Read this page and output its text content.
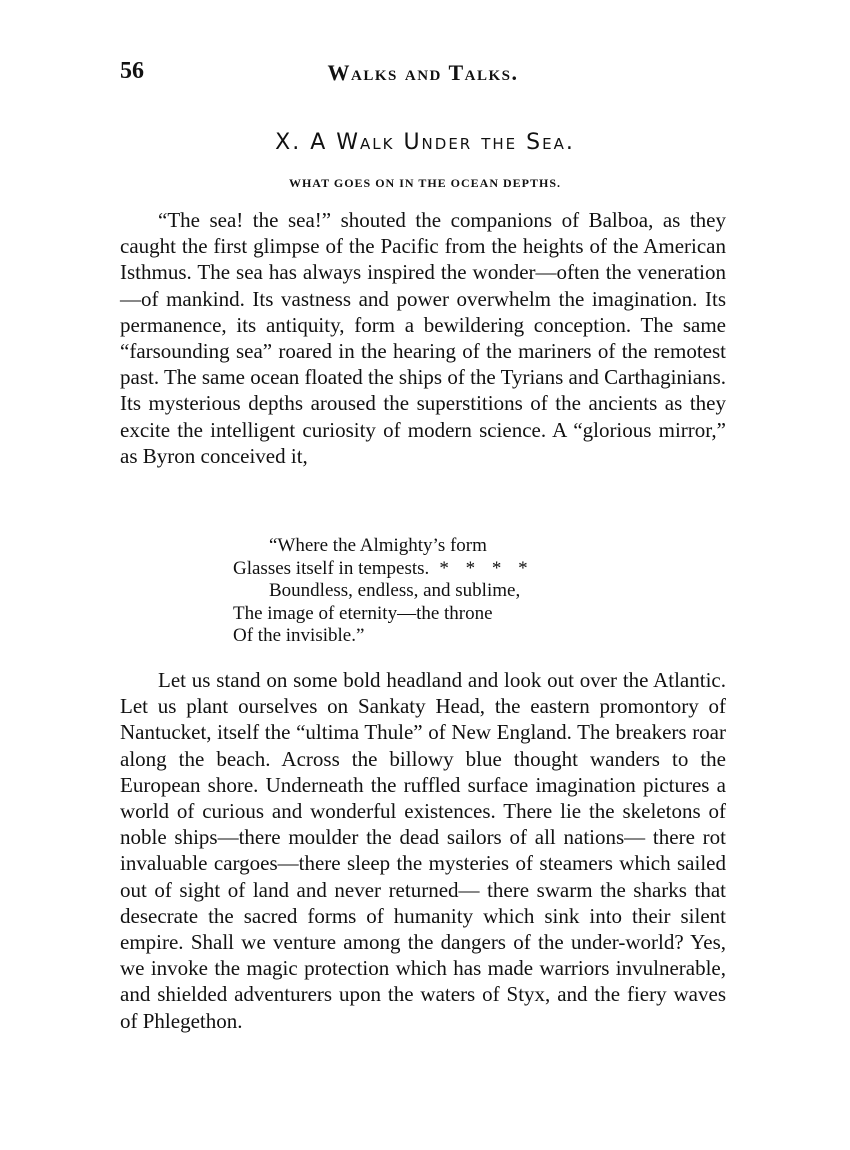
56	Walks and Talks.
X. A Walk Under the Sea.
WHAT GOES ON IN THE OCEAN DEPTHS.

“The sea! the sea!” shouted the companions of Balboa, as they caught the first glimpse of the Pacific from the heights of the American Isthmus. The sea has always inspired the wonder—often the veneration—of mankind. Its vastness and power overwhelm the imagination. Its permanence, its antiquity, form a bewildering conception. The same “farsounding sea” roared in the hearing of the mariners of the remotest past. The same ocean floated the ships of the Tyrians and Carthaginians. Its mysterious depths aroused the superstitions of the ancients as they excite the intelligent curiosity of modern science. A “glorious mirror,” as Byron conceived it,

“Where the Almighty’s form
Glasses itself in tempests. * * * *
Boundless, endless, and sublime,
The image of eternity—the throne
Of the invisible.”

Let us stand on some bold headland and look out over the Atlantic. Let us plant ourselves on Sankaty Head, the eastern promontory of Nantucket, itself the “ultima Thule” of New England. The breakers roar along the beach. Across the billowy blue thought wanders to the European shore. Underneath the ruffled surface imagination pictures a world of curious and wonderful existences. There lie the skeletons of noble ships—there moulder the dead sailors of all nations— there rot invaluable cargoes—there sleep the mysteries of steamers which sailed out of sight of land and never returned— there swarm the sharks that desecrate the sacred forms of humanity which sink into their silent empire. Shall we venture among the dangers of the under-world? Yes, we invoke the magic protection which has made warriors invulnerable, and shielded adventurers upon the waters of Styx, and the fiery waves of Phlegethon.
